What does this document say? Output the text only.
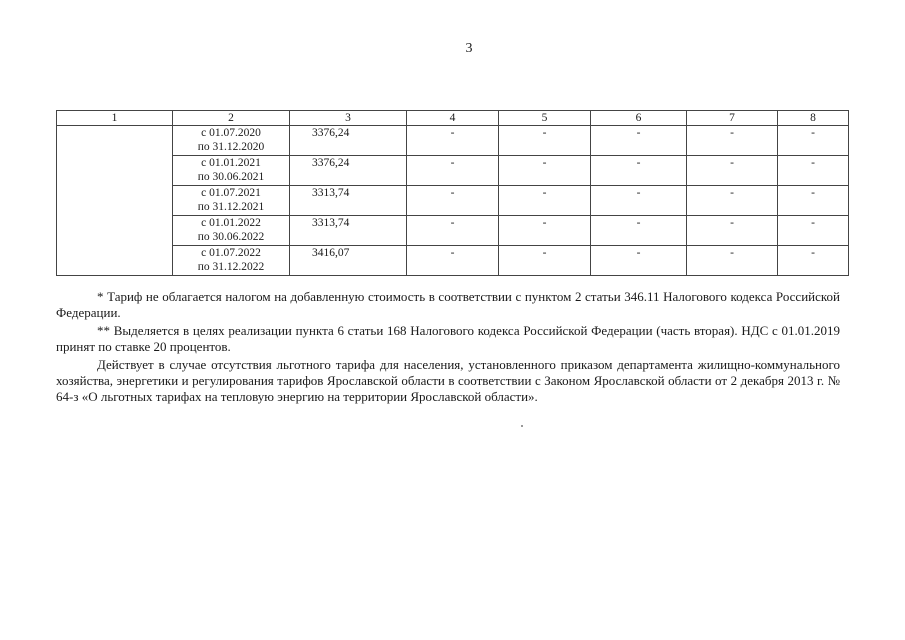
3
1	2	3	4	5	6	7	8

	с 01.07.2020
по 31.12.2020	3376,24	-	-	-	-	-

	с 01.01.2021
по 30.06.2021	3376,24	-	-	-	-	-

	с 01.07.2021
по 31.12.2021	3313,74	-	-	-	-	-

	с 01.01.2022
по 30.06.2022	3313,74	-	-	-	-	-

	с 01.07.2022
по 31.12.2022	3416,07	-	-	-	-	-

* Тариф не облагается налогом на добавленную стоимость в соответствии с пунктом 2 статьи 346.11 Налогового кодекса Российской Федерации.

** Выделяется в целях реализации пункта 6 статьи 168 Налогового кодекса Российской Федерации (часть вторая). НДС с 01.01.2019 принят по ставке 20 процентов.

Действует в случае отсутствия льготного тарифа для населения, установленного приказом департамента жилищно-коммунального хозяйства, энергетики и регулирования тарифов Ярославской области в соответствии с Законом Ярославской области от 2 декабря 2013 г. № 64-з «О льготных тарифах на тепловую энергию на территории Ярославской области».
